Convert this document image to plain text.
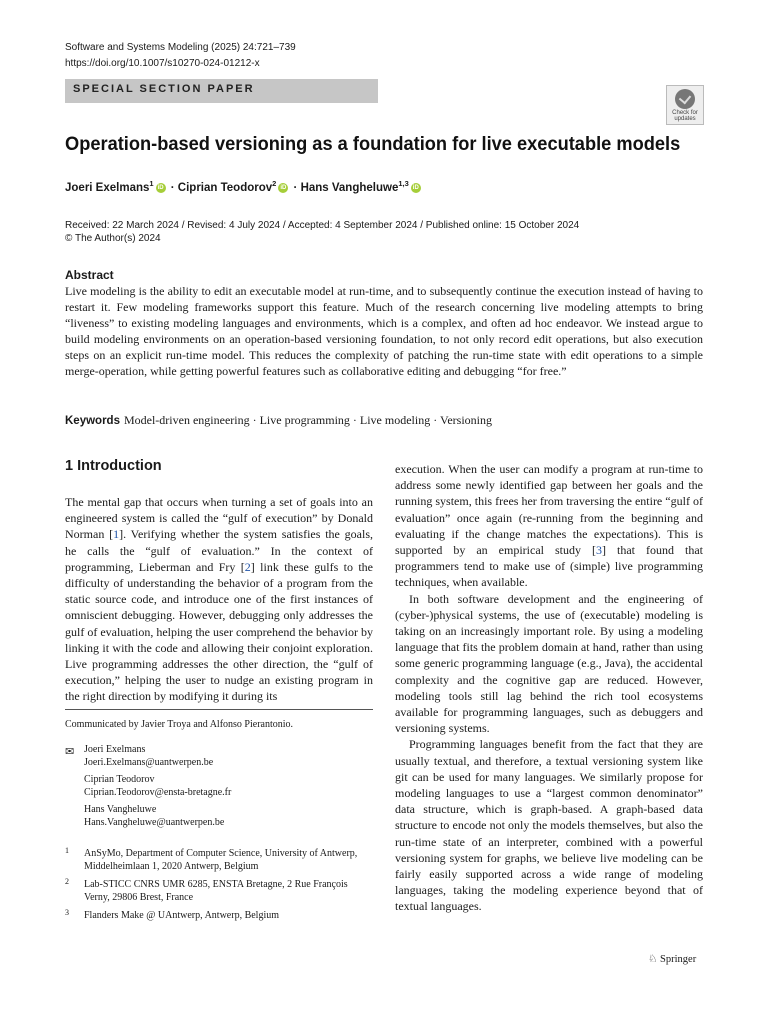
Software and Systems Modeling (2025) 24:721–739
https://doi.org/10.1007/s10270-024-01212-x
SPECIAL SECTION PAPER
Check for
updates
Operation-based versioning as a foundation for live executable models
Joeri Exelmans$^1$ iD · Ciprian Teodorov$^2$ iD · Hans Vangheluwe$^{1,3}$ iD
Received: 22 March 2024 / Revised: 4 July 2024 / Accepted: 4 September 2024 / Published online: 15 October 2024
© The Author(s) 2024
Abstract
Live modeling is the ability to edit an executable model at run-time, and to subsequently continue the execution instead of having to restart it. Few modeling frameworks support this feature. Much of the research concerning live modeling attempts to bring “liveness” to existing modeling languages and environments, which is a complex, and often ad hoc endeavor. We instead argue to build modeling environments on an operation-based versioning foundation, to not only record edit operations, but also execution steps on an explicit run-time model. This reduces the complexity of patching the run-time state with edit operations to a simple merge-operation, while getting powerful features such as collaborative editing and debugging “for free.”
Keywords Model-driven engineering · Live programming · Live modeling · Versioning
1 Introduction

The mental gap that occurs when turning a set of goals into an engineered system is called the “gulf of execution” by Donald Norman [1]. Verifying whether the system satisfies the goals, he calls the “gulf of evaluation.” In the context of programming, Lieberman and Fry [2] link these gulfs to the difficulty of understanding the behavior of a program from the static source code, and introduce one of the first instances of omniscient debugging. However, debugging only addresses the gulf of evaluation, helping the user comprehend the behavior by linking it with the code and allowing their conjoint exploration. Live programming addresses the other direction, the “gulf of execution,” helping the user to nudge an existing program in the right direction by modifying it during its

execution. When the user can modify a program at run-time to address some newly identified gap between her goals and the running system, this frees her from traversing the entire “gulf of evaluation” once again (re-running from the beginning and evaluating if the change matches the expectations). This is supported by an empirical study [3] that found that programmers tend to make use of (simple) live programming techniques, when available.

In both software development and the engineering of (cyber-)physical systems, the use of (executable) modeling is taking on an increasingly important role. By using a modeling language that fits the problem domain at hand, rather than using some generic programming language (e.g., Java), the accidental complexity and the cognitive gap are reduced. However, modeling tools still lag behind the rich tool ecosystems available for programming languages, such as debuggers and versioning systems.

Programming languages benefit from the fact that they are usually textual, and therefore, a textual versioning system like git can be used for many languages. We similarly propose for modeling languages to use a “largest common denominator” data structure, which is graph-based. A graph-based data structure to encode not only the models themselves, but also the run-time state of an interpreter, combined with a powerful versioning system for graphs, we believe live modeling can be fairly easily supported across a wide range of modeling languages, taking the modeling experience beyond that of textual languages.

Communicated by Javier Troya and Alfonso Pierantonio.
✉ Joeri Exelmans
Joeri.Exelmans@uantwerpen.be
Ciprian Teodorov
Ciprian.Teodorov@ensta-bretagne.fr
Hans Vangheluwe
Hans.Vangheluwe@uantwerpen.be
1 AnSyMo, Department of Computer Science, University of Antwerp, Middelheimlaan 1, 2020 Antwerp, Belgium
2 Lab-STICC CNRS UMR 6285, ENSTA Bretagne, 2 Rue François Verny, 29806 Brest, France
3 Flanders Make @ UAntwerp, Antwerp, Belgium
♘ Springer
